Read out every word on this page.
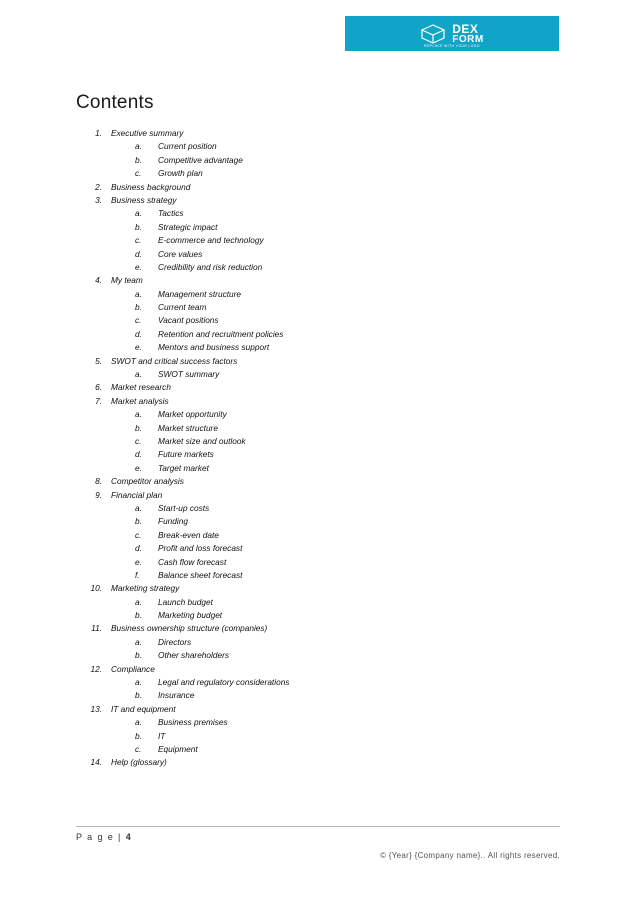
DEX
FORM
REPLACE WITH YOUR LOGO
Contents
1.	Executive summary
a.	Current position
b.	Competitive advantage
c.	Growth plan
2.	Business background
3.	Business strategy
a.	Tactics
b.	Strategic impact
c.	E-commerce and technology
d.	Core values
e.	Credibility and risk reduction
4.	My team
a.	Management structure
b.	Current team
c.	Vacant positions
d.	Retention and recruitment policies
e.	Mentors and business support
5.	SWOT and critical success factors
a.	SWOT summary
6.	Market research
7.	Market analysis
a.	Market opportunity
b.	Market structure
c.	Market size and outlook
d.	Future markets
e.	Target market
8.	Competitor analysis
9.	Financial plan
a.	Start-up costs
b.	Funding
c.	Break-even date
d.	Profit and loss forecast
e.	Cash flow forecast
f.	Balance sheet forecast
10.	Marketing strategy
a.	Launch budget
b.	Marketing budget
11.	Business ownership structure (companies)
a.	Directors
b.	Other shareholders
12.	Compliance
a.	Legal and regulatory considerations
b.	Insurance
13.	IT and equipment
a.	Business premises
b.	IT
c.	Equipment
14.	Help (glossary)
P a g e | 4
© {Year} {Company name}.. All rights reserved.
